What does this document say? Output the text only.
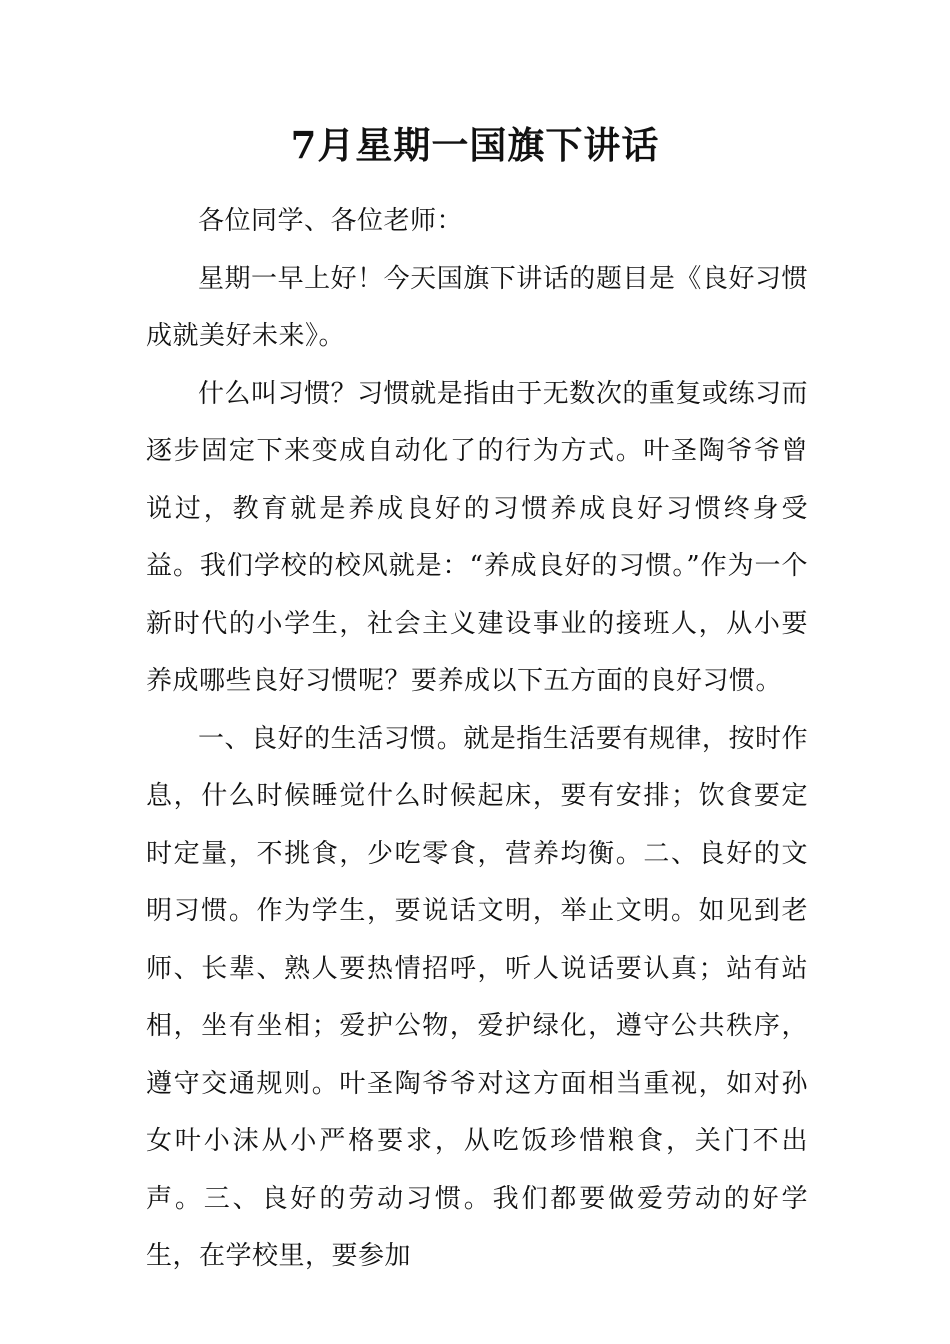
7月星期一国旗下讲话

各位同学、各位老师：

星期一早上好！今天国旗下讲话的题目是《良好习惯成就美好未来》。

什么叫习惯？习惯就是指由于无数次的重复或练习而逐步固定下来变成自动化了的行为方式。叶圣陶爷爷曾说过，教育就是养成良好的习惯养成良好习惯终身受益。我们学校的校风就是：“养成良好的习惯。”作为一个新时代的小学生，社会主义建设事业的接班人，从小要养成哪些良好习惯呢？要养成以下五方面的良好习惯。

一、良好的生活习惯。就是指生活要有规律，按时作息，什么时候睡觉什么时候起床，要有安排；饮食要定时定量，不挑食，少吃零食，营养均衡。二、良好的文明习惯。作为学生，要说话文明，举止文明。如见到老师、长辈、熟人要热情招呼，听人说话要认真；站有站相，坐有坐相；爱护公物，爱护绿化，遵守公共秩序，遵守交通规则。叶圣陶爷爷对这方面相当重视，如对孙女叶小沫从小严格要求，从吃饭珍惜粮食，关门不出声。三、良好的劳动习惯。我们都要做爱劳动的好学生，在学校里，要参加
